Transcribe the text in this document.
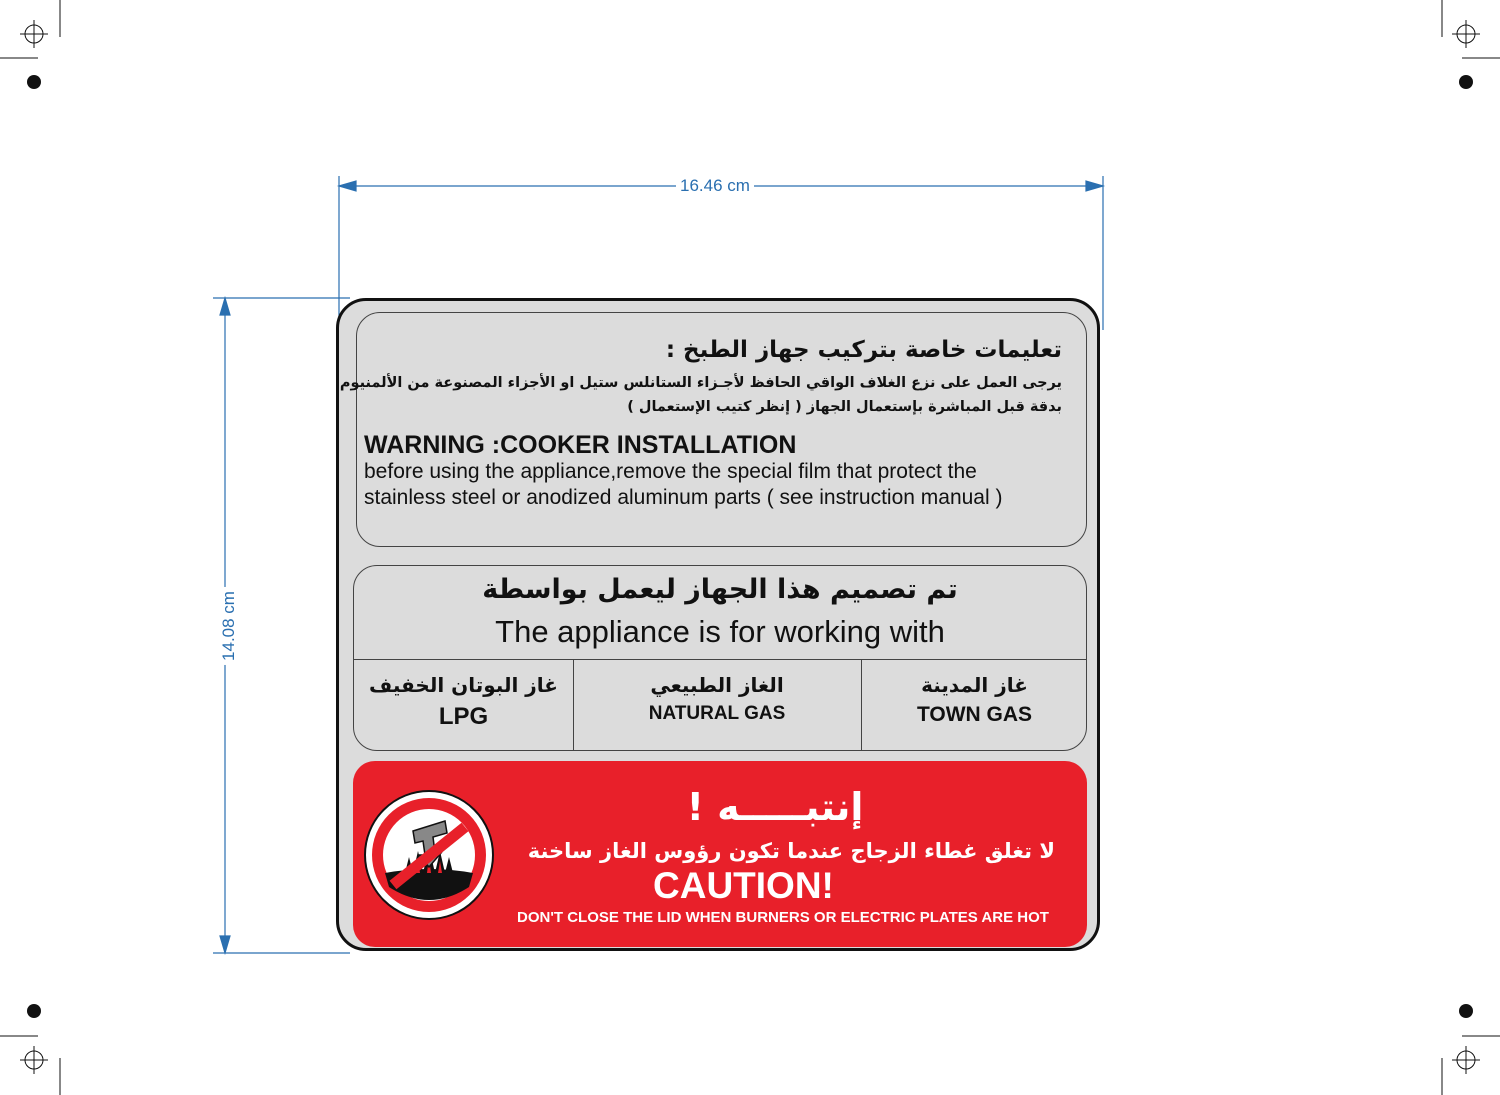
16.46 cm
14.08 cm
تعليمات خاصة بتركيب جهاز الطبخ :
يرجى العمل على نزع الغلاف الواقي الحافظ لأجـزاء الستانلس ستيل او الأجزاء المصنوعة من الألمنيوم
بدقة قبل المباشرة بإستعمال الجهاز ( إنظر كتيب الإستعمال )
WARNING :COOKER INSTALLATION
before using the appliance,remove the special film that protect the
stainless steel or anodized aluminum parts ( see instruction manual )
تم تصميم هذا الجهاز ليعمل بواسطة
The appliance is for working with
غاز البوتان الخفيف
LPG
الغاز الطبيعي
NATURAL GAS
غاز المدينة
TOWN GAS
إنتبـــــه !
لا تغلق غطاء الزجاج عندما تكون رؤوس الغاز ساخنة
CAUTION!
DON'T CLOSE THE LID WHEN BURNERS OR ELECTRIC PLATES ARE HOT
